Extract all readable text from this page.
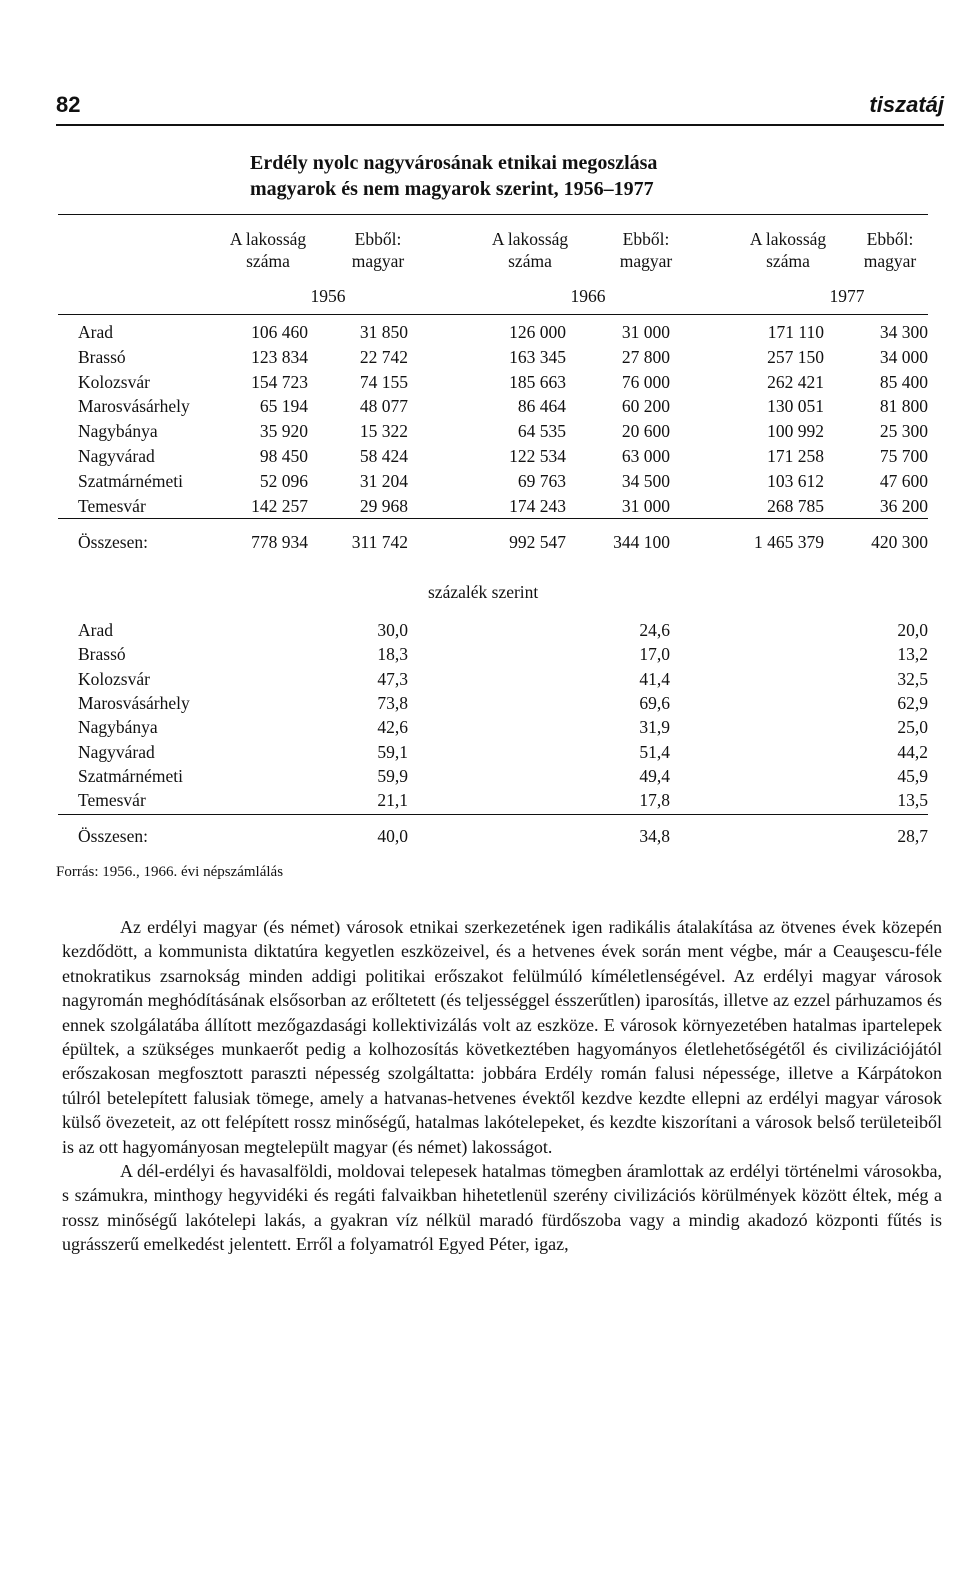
82	tiszatáj
Erdély nyolc nagyvárosának etnikai megoszlása
magyarok és nem magyarok szerint, 1956–1977
A lakosság
száma
Ebből:
magyar
A lakosság
száma
Ebből:
magyar
A lakosság
száma
Ebből:
magyar
1956	1966	1977
Arad	106 460	31 850	126 000	31 000	171 110	34 300
Brassó	123 834	22 742	163 345	27 800	257 150	34 000
Kolozsvár	154 723	74 155	185 663	76 000	262 421	85 400
Marosvásárhely	65 194	48 077	86 464	60 200	130 051	81 800
Nagybánya	35 920	15 322	64 535	20 600	100 992	25 300
Nagyvárad	98 450	58 424	122 534	63 000	171 258	75 700
Szatmárnémeti	52 096	31 204	69 763	34 500	103 612	47 600
Temesvár	142 257	29 968	174 243	31 000	268 785	36 200
Összesen:	778 934	311 742	992 547	344 100	1 465 379	420 300
százalék szerint
Arad	30,0	24,6	20,0
Brassó	18,3	17,0	13,2
Kolozsvár	47,3	41,4	32,5
Marosvásárhely	73,8	69,6	62,9
Nagybánya	42,6	31,9	25,0
Nagyvárad	59,1	51,4	44,2
Szatmárnémeti	59,9	49,4	45,9
Temesvár	21,1	17,8	13,5
Összesen:	40,0	34,8	28,7
Forrás: 1956., 1966. évi népszámlálás

Az erdélyi magyar (és német) városok etnikai szerkezetének igen radikális átalakítása az ötvenes évek közepén kezdődött, a kommunista diktatúra kegyetlen eszközeivel, és a hetvenes évek során ment végbe, már a Ceauşescu-féle etnokratikus zsarnokság minden addigi politikai erőszakot felülmúló kíméletlenségével. Az erdélyi magyar városok nagyromán meghódításának elsősorban az erőltetett (és teljességgel ésszerűtlen) iparosítás, illetve az ezzel párhuzamos és ennek szolgálatába állított mezőgazdasági kollektivizálás volt az eszköze. E városok környezetében hatalmas ipartelepek épültek, a szükséges munkaerőt pedig a kolhozosítás következtében hagyományos életlehetőségétől és civilizációjától erőszakosan megfosztott paraszti népesség szolgáltatta: jobbára Erdély román falusi népessége, illetve a Kárpátokon túlról betelepített falusiak tömege, amely a hatvanas-hetvenes évektől kezdve kezdte ellepni az erdélyi magyar városok külső övezeteit, az ott felépített rossz minőségű, hatalmas lakótelepeket, és kezdte kiszorítani a városok belső területeiből is az ott hagyományosan megtelepült magyar (és német) lakosságot.

A dél-erdélyi és havasalföldi, moldovai telepesek hatalmas tömegben áramlottak az erdélyi történelmi városokba, s számukra, minthogy hegyvidéki és regáti falvaikban hihetetlenül szerény civilizációs körülmények között éltek, még a rossz minőségű lakótelepi lakás, a gyakran víz nélkül maradó fürdőszoba vagy a mindig akadozó központi fűtés is ugrásszerű emelkedést jelentett. Erről a folyamatról Egyed Péter, igaz,
